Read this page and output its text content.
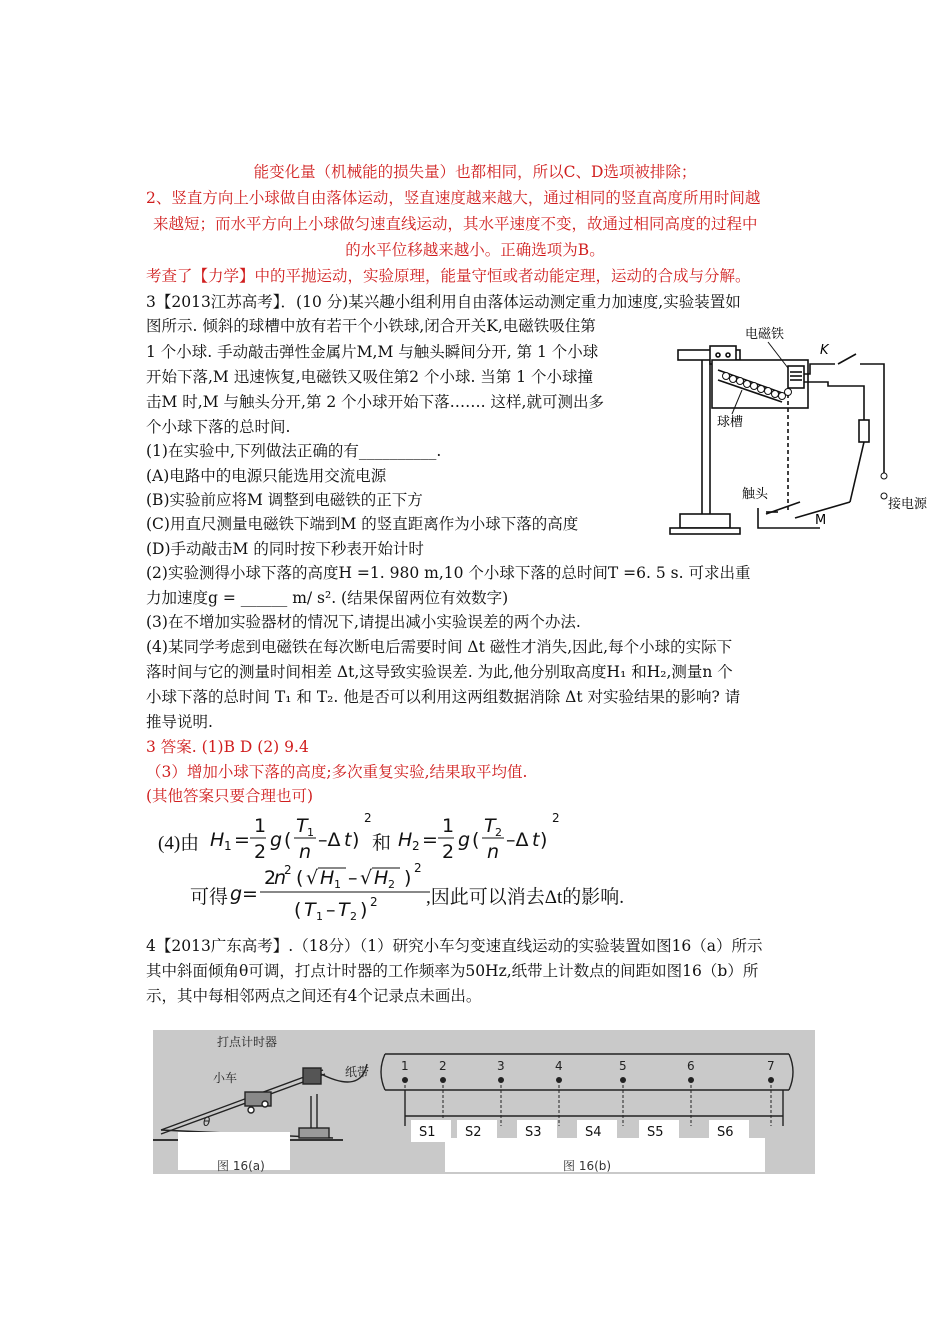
能变化量（机械能的损失量）也都相同，所以C、D选项被排除；
2、竖直方向上小球做自由落体运动，竖直速度越来越大，通过相同的竖直高度所用时间越
来越短；而水平方向上小球做匀速直线运动，其水平速度不变，故通过相同高度的过程中
的水平位移越来越小。正确选项为B。
考查了【力学】中的平抛运动，实验原理，能量守恒或者动能定理，运动的合成与分解。
3【2013江苏高考】．(10 分)某兴趣小组利用自由落体运动测定重力加速度,实验装置如
图所示. 倾斜的球槽中放有若干个小铁球,闭合开关K,电磁铁吸住第
1 个小球. 手动敲击弹性金属片M,M 与触头瞬间分开, 第 1 个小球
开始下落,M 迅速恢复,电磁铁又吸住第2 个小球. 当第 1 个小球撞
击M 时,M 与触头分开,第 2 个小球开始下落……. 这样,就可测出多
个小球下落的总时间.
(1)在实验中,下列做法正确的有__________.
(A)电路中的电源只能选用交流电源
(B)实验前应将M 调整到电磁铁的正下方
(C)用直尺测量电磁铁下端到M 的竖直距离作为小球下落的高度
(D)手动敲击M 的同时按下秒表开始计时
(2)实验测得小球下落的高度H =1. 980 m,10 个小球下落的总时间T =6. 5 s. 可求出重
力加速度g = ______ m/ s². (结果保留两位有效数字)
(3)在不增加实验器材的情况下,请提出减小实验误差的两个办法.
(4)某同学考虑到电磁铁在每次断电后需要时间 Δt 磁性才消失,因此,每个小球的实际下
落时间与它的测量时间相差 Δt,这导致实验误差. 为此,他分别取高度H₁ 和H₂,测量n 个
小球下落的总时间 T₁ 和 T₂. 他是否可以利用这两组数据消除 Δt 对实验结果的影响? 请
推导说明.
电磁铁
K
球槽
触头
M
接电源
3 答案. (1)B D (2) 9.4
（3）增加小球下落的高度;多次重复实验,结果取平均值.
(其他答案只要合理也可)
(4)由 H 1 =
1
2
g (
T 1
n
–Δ t )
2
和 H 2 =
1
2
g (
T 2
n
–Δ t )
2
可得 g =
2
n
2 ( √ H 1 – √ H 2 ) 2
( T 1 – T 2 ) 2	,因此可以消去Δt的影响.
4【2013广东高考】.（18分）（1）研究小车匀变速直线运动的实验装置如图16（a）所示
其中斜面倾角θ可调，打点计时器的工作频率为50Hz,纸带上计数点的间距如图16（b）所
示，其中每相邻两点之间还有4个记录点未画出。
打点计时器
小车	纸带
θ
图 16(a)
1	2	3	4	5	6	7
图 16(b)
S1 S2	S3	S4	S5	S6
